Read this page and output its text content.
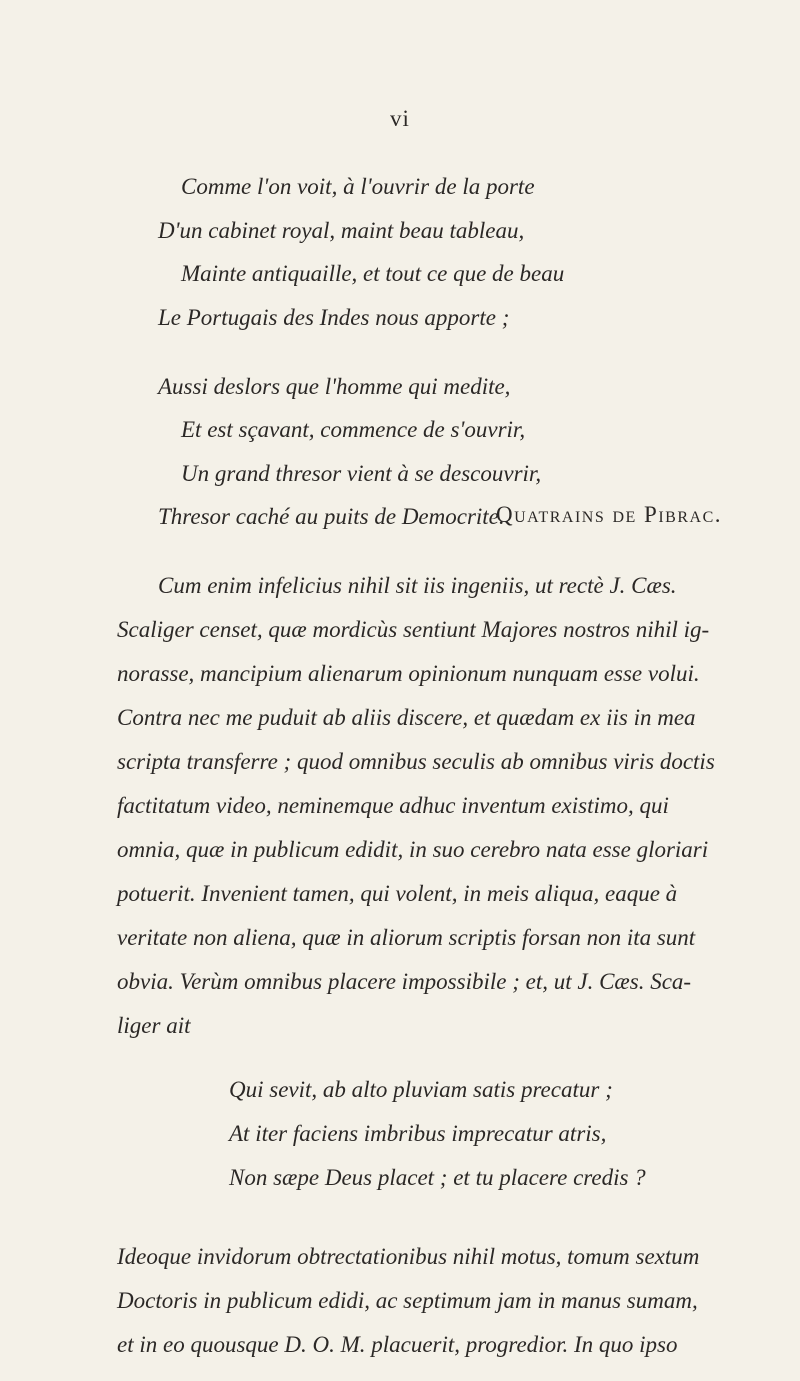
vi
Comme l'on voit, à l'ouvrir de la porte
D'un cabinet royal, maint beau tableau,
Mainte antiquaille, et tout ce que de beau
Le Portugais des Indes nous apporte ;
Aussi deslors que l'homme qui medite,
Et est sçavant, commence de s'ouvrir,
Un grand thresor vient à se descouvrir,
Thresor caché au puits de Democrite.
Quatrains de Pibrac.
Cum enim infelicius nihil sit iis ingeniis, ut rectè J. Cæs.
Scaliger censet, quæ mordicùs sentiunt Majores nostros nihil ig-
norasse, mancipium alienarum opinionum nunquam esse volui.
Contra nec me puduit ab aliis discere, et quædam ex iis in mea
scripta transferre ; quod omnibus seculis ab omnibus viris doctis
factitatum video, neminemque adhuc inventum existimo, qui
omnia, quæ in publicum edidit, in suo cerebro nata esse gloriari
potuerit. Invenient tamen, qui volent, in meis aliqua, eaque à
veritate non aliena, quæ in aliorum scriptis forsan non ita sunt
obvia. Verùm omnibus placere impossibile ; et, ut J. Cæs. Sca-
liger ait
Qui sevit, ab alto pluviam satis precatur ;
At iter faciens imbribus imprecatur atris,
Non sæpe Deus placet ; et tu placere credis ?
Ideoque invidorum obtrectationibus nihil motus, tomum sextum
Doctoris in publicum edidi, ac septimum jam in manus sumam,
et in eo quousque D. O. M. placuerit, progredior. In quo ipso
